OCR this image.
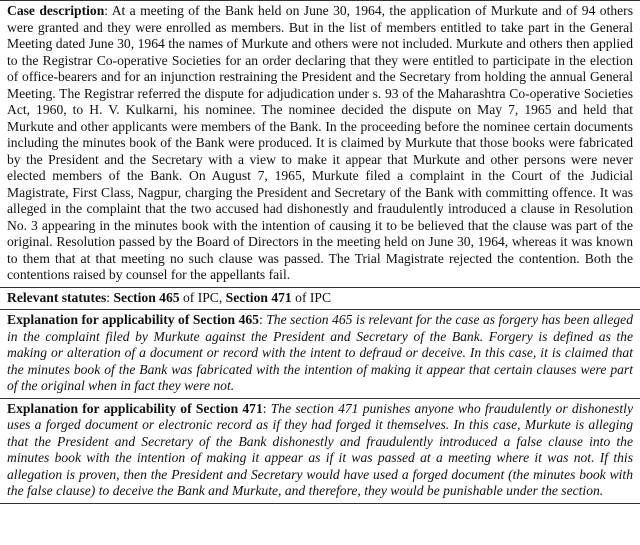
Case description: At a meeting of the Bank held on June 30, 1964, the application of Murkute and of 94 others were granted and they were enrolled as members. But in the list of members entitled to take part in the General Meeting dated June 30, 1964 the names of Murkute and others were not included. Murkute and others then applied to the Registrar Co-operative Societies for an order declaring that they were entitled to participate in the election of office-bearers and for an injunction restraining the President and the Secretary from holding the annual General Meeting. The Registrar referred the dispute for adjudication under s. 93 of the Maharashtra Co-operative Societies Act, 1960, to H. V. Kulkarni, his nominee. The nominee decided the dispute on May 7, 1965 and held that Murkute and other applicants were members of the Bank. In the proceeding before the nominee certain documents including the minutes book of the Bank were produced. It is claimed by Murkute that those books were fabricated by the President and the Secretary with a view to make it appear that Murkute and other persons were never elected members of the Bank. On August 7, 1965, Murkute filed a complaint in the Court of the Judicial Magistrate, First Class, Nagpur, charging the President and Secretary of the Bank with committing offence. It was alleged in the complaint that the two accused had dishonestly and fraudulently introduced a clause in Resolution No. 3 appearing in the minutes book with the intention of causing it to be believed that the clause was part of the original. Resolution passed by the Board of Directors in the meeting held on June 30, 1964, whereas it was known to them that at that meeting no such clause was passed. The Trial Magistrate rejected the contention. Both the contentions raised by counsel for the appellants fail.
Relevant statutes: Section 465 of IPC, Section 471 of IPC
Explanation for applicability of Section 465: The section 465 is relevant for the case as forgery has been alleged in the complaint filed by Murkute against the President and Secretary of the Bank. Forgery is defined as the making or alteration of a document or record with the intent to defraud or deceive. In this case, it is claimed that the minutes book of the Bank was fabricated with the intention of making it appear that certain clauses were part of the original when in fact they were not.
Explanation for applicability of Section 471: The section 471 punishes anyone who fraudulently or dishonestly uses a forged document or electronic record as if they had forged it themselves. In this case, Murkute is alleging that the President and Secretary of the Bank dishonestly and fraudulently introduced a false clause into the minutes book with the intention of making it appear as if it was passed at a meeting where it was not. If this allegation is proven, then the President and Secretary would have used a forged document (the minutes book with the false clause) to deceive the Bank and Murkute, and therefore, they would be punishable under the section.
